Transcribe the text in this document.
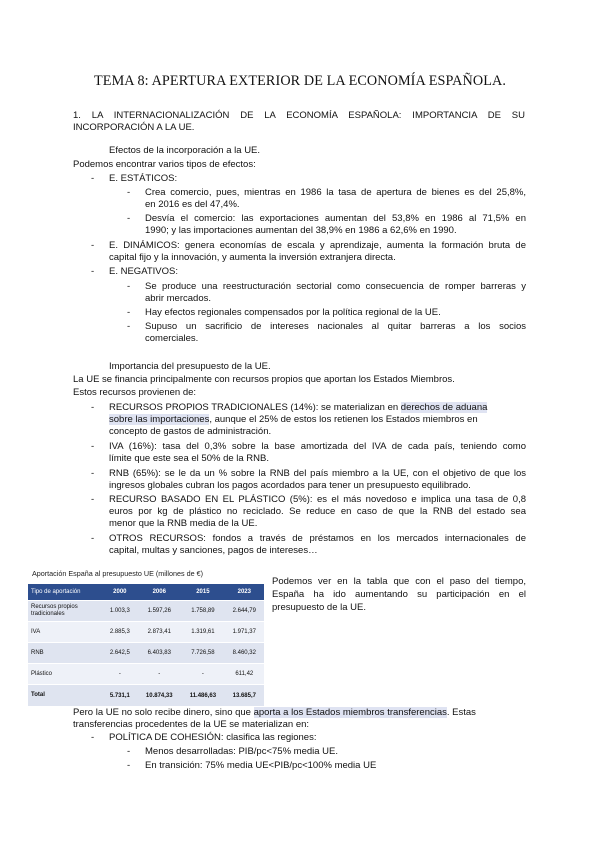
TEMA 8: APERTURA EXTERIOR DE LA ECONOMÍA ESPAÑOLA.
1. LA INTERNACIONALIZACIÓN DE LA ECONOMÍA ESPAÑOLA: IMPORTANCIA DE SU
INCORPORACIÓN A LA UE.
Efectos de la incorporación a la UE.
Podemos encontrar varios tipos de efectos:
- E. ESTÁTICOS:
- Crea comercio, pues, mientras en 1986 la tasa de apertura de bienes es del 25,8%,
en 2016 es del 47,4%.
- Desvía el comercio: las exportaciones aumentan del 53,8% en 1986 al 71,5% en
1990; y las importaciones aumentan del 38,9% en 1986 a 62,6% en 1990.
- E. DINÁMICOS: genera economías de escala y aprendizaje, aumenta la formación bruta de
capital fijo y la innovación, y aumenta la inversión extranjera directa.
- E. NEGATIVOS:
- Se produce una reestructuración sectorial como consecuencia de romper barreras y
abrir mercados.
- Hay efectos regionales compensados por la política regional de la UE.
- Supuso un sacrificio de intereses nacionales al quitar barreras a los socios
comerciales.
Importancia del presupuesto de la UE.
La UE se financia principalmente con recursos propios que aportan los Estados Miembros.
Estos recursos provienen de:
- RECURSOS PROPIOS TRADICIONALES (14%): se materializan en derechos de aduana
sobre las importaciones, aunque el 25% de estos los retienen los Estados miembros en
concepto de gastos de administración.
- IVA (16%): tasa del 0,3% sobre la base amortizada del IVA de cada país, teniendo como
límite que este sea el 50% de la RNB.
- RNB (65%): se le da un % sobre la RNB del país miembro a la UE, con el objetivo de que los
ingresos globales cubran los pagos acordados para tener un presupuesto equilibrado.
- RECURSO BASADO EN EL PLÁSTICO (5%): es el más novedoso e implica una tasa de 0,8
euros por kg de plástico no reciclado. Se reduce en caso de que la RNB del estado sea
menor que la RNB media de la UE.
- OTROS RECURSOS: fondos a través de préstamos en los mercados internacionales de
capital, multas y sanciones, pagos de intereses…
Aportación España al presupuesto UE (millones de €)
Tipo de aportación	2000	2006	2015	2023
Recursos propios
tradicionales	1.003,3	1.597,26	1.758,89	2.644,79
IVA	2.885,3	2.873,41	1.319,61	1.971,37
RNB	2.642,5	6.403,83	7.726,58	8.460,32
Plástico	-	-	-	611,42
Total	5.731,1	10.874,33	11.486,63	13.685,7
Podemos ver en la tabla que con el paso del tiempo,
España ha ido aumentando su participación en el
presupuesto de la UE.
Pero la UE no solo recibe dinero, sino que aporta a los Estados miembros transferencias. Estas
transferencias procedentes de la UE se materializan en:
- POLÍTICA DE COHESIÓN: clasifica las regiones:
- Menos desarrolladas: PIB/pc<75% media UE.
- En transición: 75% media UE<PIB/pc<100% media UE
